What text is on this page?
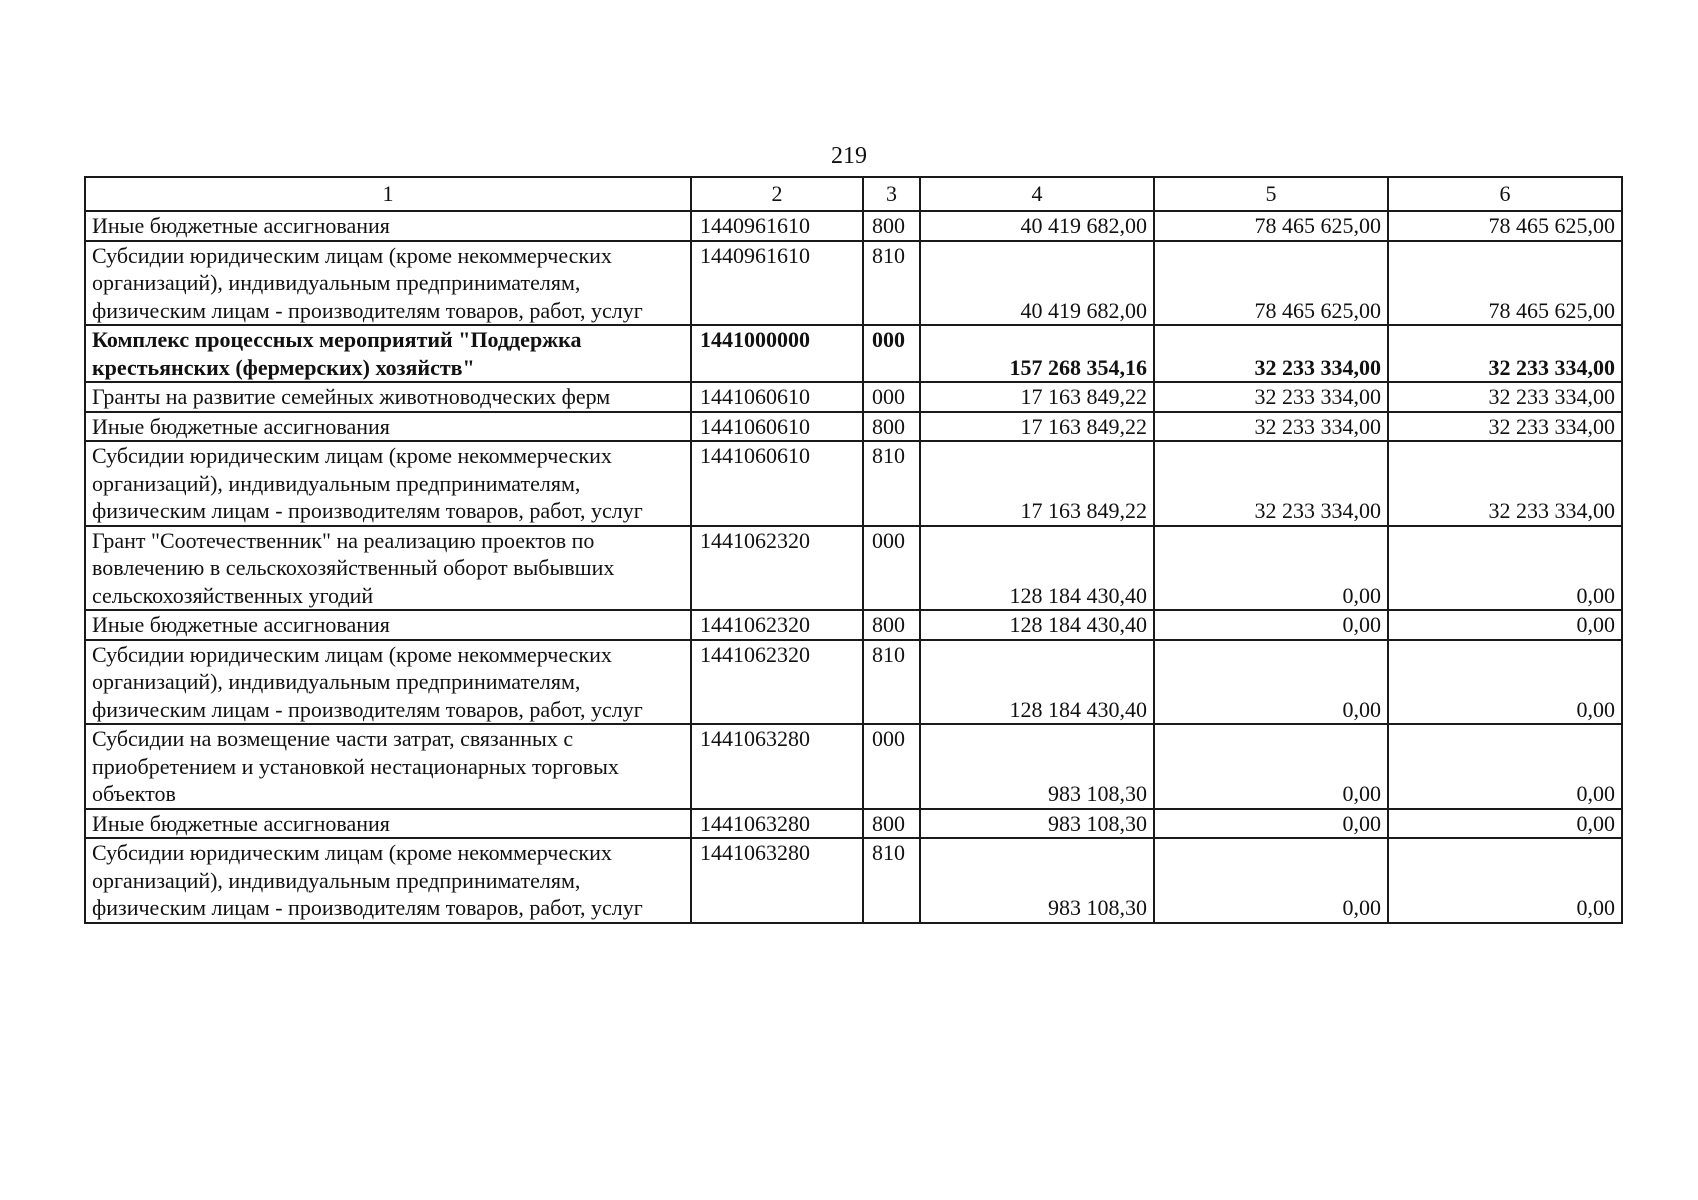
219
1	2	3	4	5	6
Иные бюджетные ассигнования	1440961610	800	40 419 682,00	78 465 625,00	78 465 625,00
Субсидии юридическим лицам (кроме некоммерческих организаций), индивидуальным предпринимателям, физическим лицам - производителям товаров, работ, услуг	1440961610	810	40 419 682,00	78 465 625,00	78 465 625,00
Комплекс процессных мероприятий "Поддержка крестьянских (фермерских) хозяйств"	1441000000	000	157 268 354,16	32 233 334,00	32 233 334,00
Гранты на развитие семейных животноводческих ферм	1441060610	000	17 163 849,22	32 233 334,00	32 233 334,00
Иные бюджетные ассигнования	1441060610	800	17 163 849,22	32 233 334,00	32 233 334,00
Субсидии юридическим лицам (кроме некоммерческих организаций), индивидуальным предпринимателям, физическим лицам - производителям товаров, работ, услуг	1441060610	810	17 163 849,22	32 233 334,00	32 233 334,00
Грант "Соотечественник" на реализацию проектов по вовлечению в сельскохозяйственный оборот выбывших сельскохозяйственных угодий	1441062320	000	128 184 430,40	0,00	0,00
Иные бюджетные ассигнования	1441062320	800	128 184 430,40	0,00	0,00
Субсидии юридическим лицам (кроме некоммерческих организаций), индивидуальным предпринимателям, физическим лицам - производителям товаров, работ, услуг	1441062320	810	128 184 430,40	0,00	0,00
Субсидии на возмещение части затрат, связанных с приобретением и установкой нестационарных торговых объектов	1441063280	000	983 108,30	0,00	0,00
Иные бюджетные ассигнования	1441063280	800	983 108,30	0,00	0,00
Субсидии юридическим лицам (кроме некоммерческих организаций), индивидуальным предпринимателям, физическим лицам - производителям товаров, работ, услуг	1441063280	810	983 108,30	0,00	0,00
